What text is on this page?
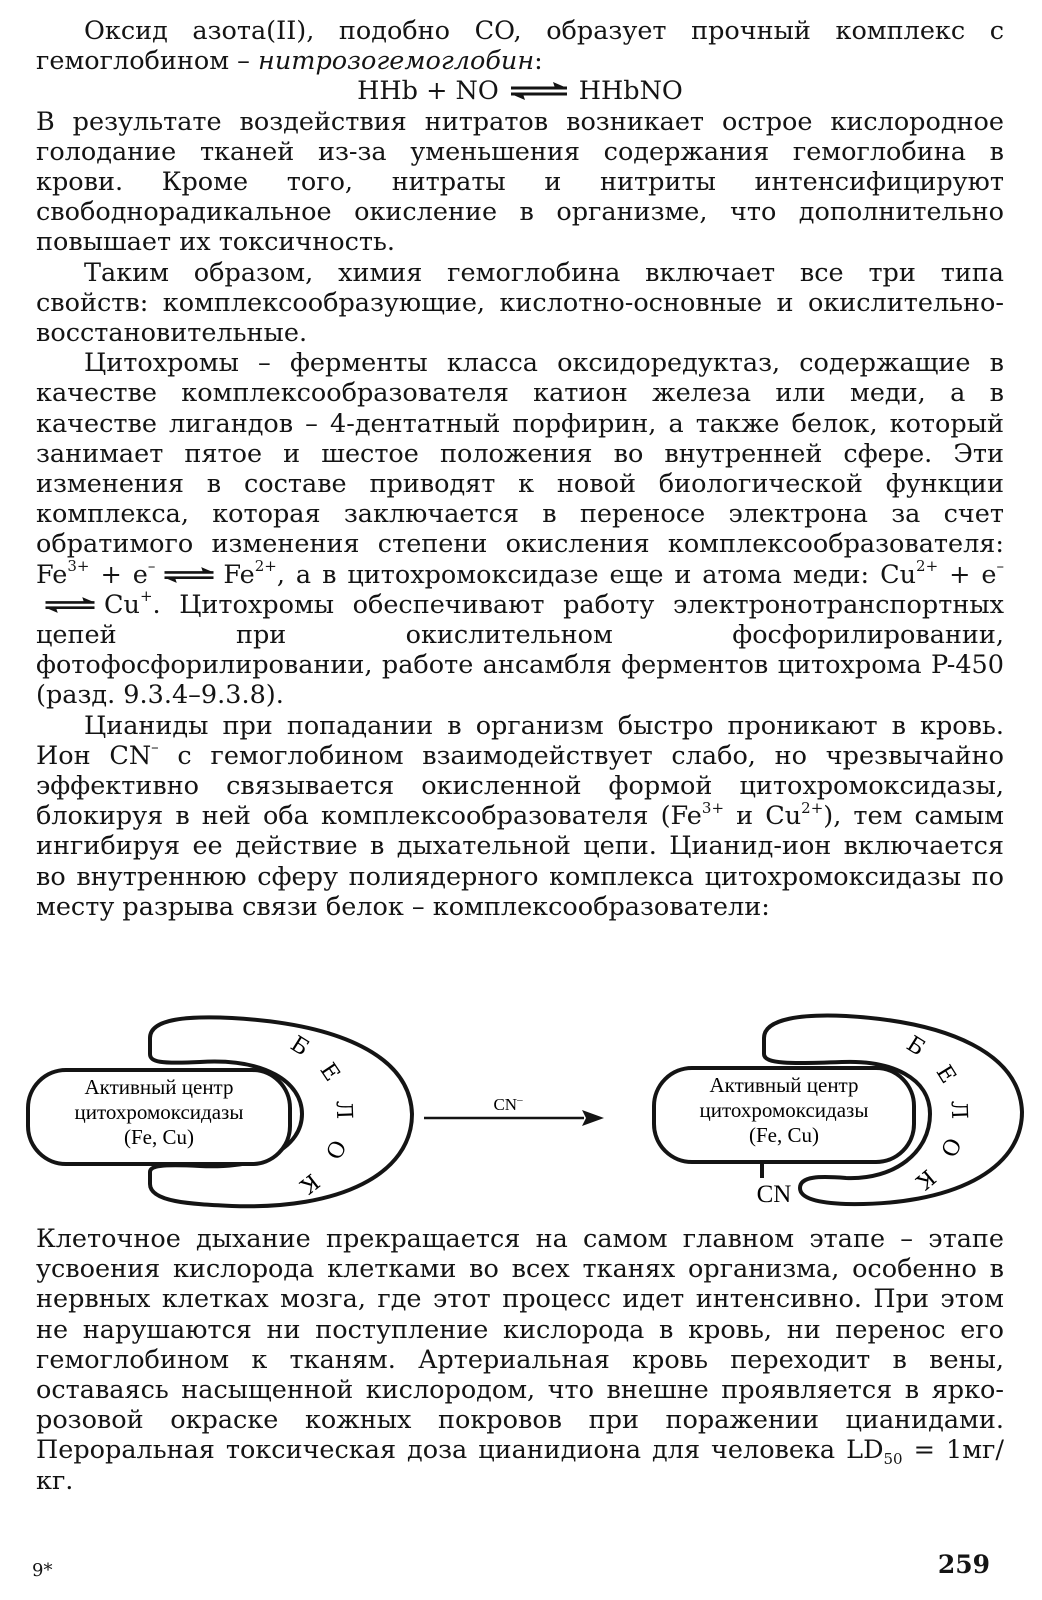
Оксид азота(II), подобно CO, образует прочный комплекс с гемоглобином – нитрозогемоглобин:

HHb + NO ⇌ HHbNO

В результате воздействия нитратов возникает острое кислородное голодание тканей из-за уменьшения содержания гемоглобина в крови. Кроме того, нитраты и нитриты интенсифицируют свободнорадикальное окисление в организме, что дополнительно повышает их токсичность.

Таким образом, химия гемоглобина включает все три типа свойств: комплексообразующие, кислотно-основные и окислительно-восстановительные.

Цитохромы – ферменты класса оксидоредуктаз, содержащие в качестве комплексообразователя катион железа или меди, а в качестве лигандов – 4-дентатный порфирин, а также белок, который занимает пятое и шестое положения во внутренней сфере. Эти изменения в составе приводят к новой биологической функции комплекса, которая заключается в переносе электрона за счет обратимого изменения степени окисления комплексообразователя: $Fe^{3+} + e^-$ ⇌ $Fe^{2+}$, а в цитохромоксидазе еще и атома меди: $Cu^{2+}$ + e–⇌ Cu+. Цитохромы обеспечивают работу электронотранспортных цепей при окислительном фосфорилировании, фотофосфорилировании, работе ансамбля ферментов цитохрома P-450 (разд. 9.3.4–9.3.8).

Цианиды при попадании в организм быстро проникают в кровь. Ион CN– с гемоглобином взаимодействует слабо, но чрезвычайно эффективно связывается окисленной формой цитохромоксидазы, блокируя в ней оба комплексообразователя ($Fe^{3+}$ и $Cu^{2+}$), тем самым ингибируя ее действие в дыхательной цепи. Цианид-ион включается во внутреннюю сферу полиядерного комплекса цитохромоксидазы по месту разрыва связи белок – комплексообразователи:

Активный центр
цитохромоксидазы
(Fe, Cu)
Б
Е
Л
О
К
CN–
Активный центр
цитохромоксидазы
(Fe, Cu)
CN
Б
Е
Л
О
К

Клеточное дыхание прекращается на самом главном этапе – этапе усвоения кислорода клетками во всех тканях организма, особенно в нервных клетках мозга, где этот процесс идет интенсивно. При этом не нарушаются ни поступление кислорода в кровь, ни перенос его гемоглобином к тканям. Артериальная кровь переходит в вены, оставаясь насыщенной кислородом, что внешне проявляется в ярко-розовой окраске кожных покровов при поражении цианидами. Пероральная токсическая доза цианидиона для человека $LD_{50} = 1мг/кг$.

9*	259
